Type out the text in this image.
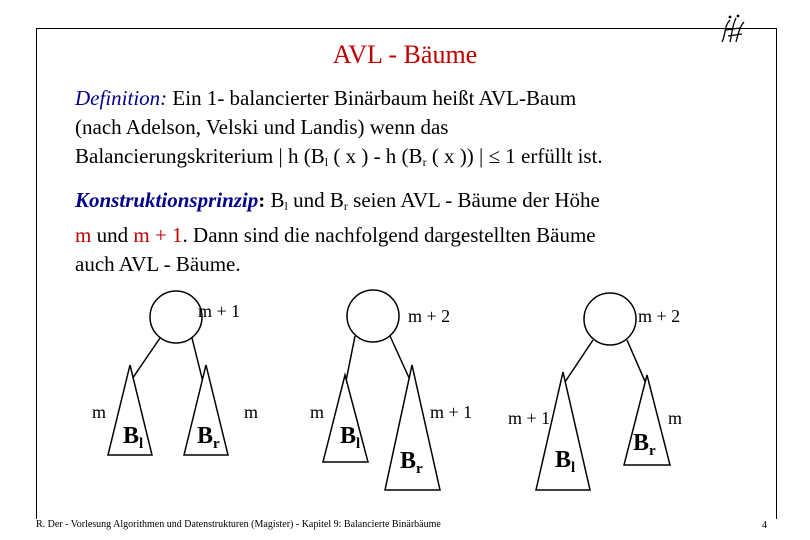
AVL - Bäume
Definition: Ein 1- balancierter Binärbaum heißt AVL-Baum
(nach Adelson, Velski und Landis) wenn das
Balancierungskriterium | h ($B_l$ ( x ) - h ($B_r$ ( x )) | ≤ 1 erfüllt ist.
Konstruktionsprinzip: $B_l$ und $B_r$ seien AVL - Bäume der Höhe
m und m + 1. Dann sind die nachfolgend dargestellten Bäume
auch AVL - Bäume.
m + 1
m	m
$B_l$ $B_r$
m + 2
m	m + 1
$B_l$
$B_r$
m + 2
m + 1	m
$B_l$
$B_r$
R. Der - Vorlesung Algorithmen und Datenstrukturen (Magister) - Kapitel 9: Balancierte Binärbäume	4
